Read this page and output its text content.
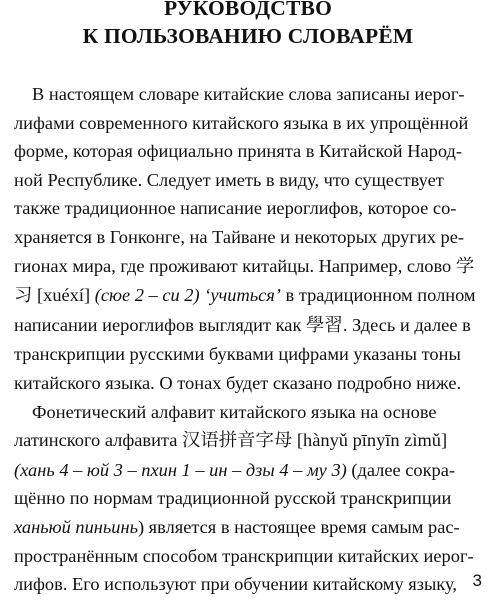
РУКОВОДСТВО
К ПОЛЬЗОВАНИЮ СЛОВАРЁМ
В настоящем словаре китайские слова записаны иерог-
лифами современного китайского языка в их упрощённой
форме, которая официально принята в Китайской Народ-
ной Республике. Следует иметь в виду, что существует
также традиционное написание иероглифов, которое со-
храняется в Гонконге, на Тайване и некоторых других ре-
гионах мира, где проживают китайцы. Например, слово 学
习 [xuéxí] (сюе 2 – си 2) ‘учиться’ в традиционном полном
написании иероглифов выглядит как 學習. Здесь и далее в
транскрипции русскими буквами цифрами указаны тоны
китайского языка. О тонах будет сказано подробно ниже.
Фонетический алфавит китайского языка на основе
латинского алфавита 汉语拼音字母 [hànyǔ pīnyīn zìmǔ]
(хань 4 – юй 3 – пхин 1 – ин – дзы 4 – му 3) (далее сокра-
щённо по нормам традиционной русской транскрипции
ханьюй пиньинь) является в настоящее время самым рас-
пространённым способом транскрипции китайских иерог-
лифов. Его используют при обучении китайскому языку, 3
